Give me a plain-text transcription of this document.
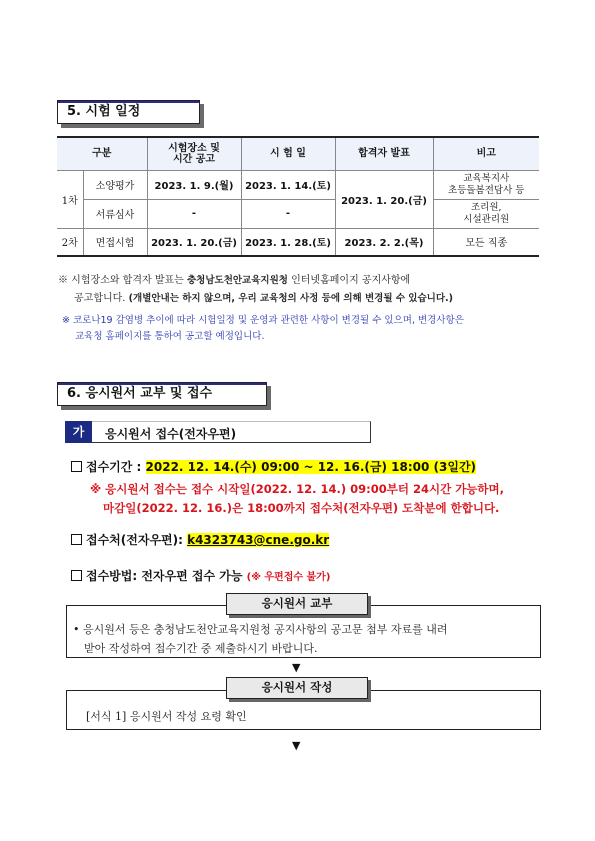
5. 시험 일정
구분		시험장소 및
시간 공고	시 험 일	합격자 발표	비고
1차	소양평가	2023. 1. 9.(월)	2023. 1. 14.(토)	2023. 1. 20.(금)	교육복지사
초등돌봄전담사 등
	서류심사	-	-		조리원,
시설관리원
2차	면접시험	2023. 1. 20.(금)	2023. 1. 28.(토)	2023. 2. 2.(목)	모든 직종
※ 시험장소와 합격자 발표는 충청남도천안교육지원청 인터넷홈페이지 공지사항에
공고합니다. (개별안내는 하지 않으며, 우리 교육청의 사정 등에 의해 변경될 수 있습니다.)
※ 코로나19 감염병 추이에 따라 시험일정 및 운영과 관련한 사항이 변경될 수 있으며, 변경사항은
교육청 홈페이지를 통하여 공고할 예정입니다.
6. 응시원서 교부 및 접수
가	응시원서 접수(전자우편)
접수기간 : 2022. 12. 14.(수) 09:00 ~ 12. 16.(금) 18:00 (3일간)
※ 응시원서 접수는 접수 시작일(2022. 12. 14.) 09:00부터 24시간 가능하며,
마감일(2022. 12. 16.)은 18:00까지 접수처(전자우편) 도착분에 한합니다.
접수처(전자우편): k4323743@cne.go.kr
접수방법: 전자우편 접수 가능 (※ 우편접수 불가)
응시원서 교부
• 응시원서 등은 충청남도천안교육지원청 공지사항의 공고문 첨부 자료를 내려
받아 작성하여 접수기간 중 제출하시기 바랍니다.
▼
응시원서 작성
[서식 1] 응시원서 작성 요령 확인
▼
